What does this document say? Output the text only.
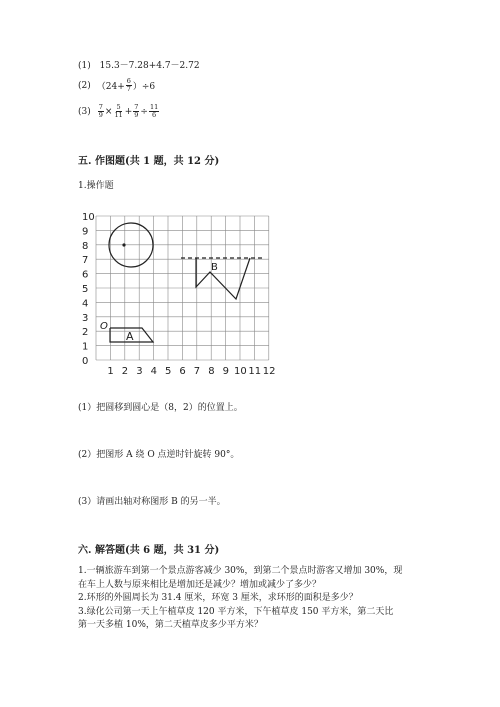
(1) 15.3－7.28+4.7－2.72
(2) $(24+ \frac{6}{7} )\div 6$
$(3) \frac{7}{9} \times \frac{5}{11} + \frac{7}{9} \div \frac{11}{6}$
五. 作图题(共 1 题，共 12 分)
1.操作题
10
9
8
7
6
5
4
3
2
1
0
1 2 3 4 5 6 7 8 9 10 11 12
A
O
B
(1）把圆移到圆心是（8，2）的位置上。
(2）把图形 A 绕 O 点逆时针旋转 90°。
(3）请画出轴对称图形 B 的另一半。
六. 解答题(共 6 题，共 31 分)
1.一辆旅游车到第一个景点游客减少 30%，到第二个景点时游客又增加 30%，现
在车上人数与原来相比是增加还是减少？增加或减少了多少？
2.环形的外圆周长为 31.4 厘米，环宽 3 厘米，求环形的面积是多少？
3.绿化公司第一天上午植草皮 120 平方米，下午植草皮 150 平方米，第二天比
第一天多植 10%，第二天植草皮多少平方米？
